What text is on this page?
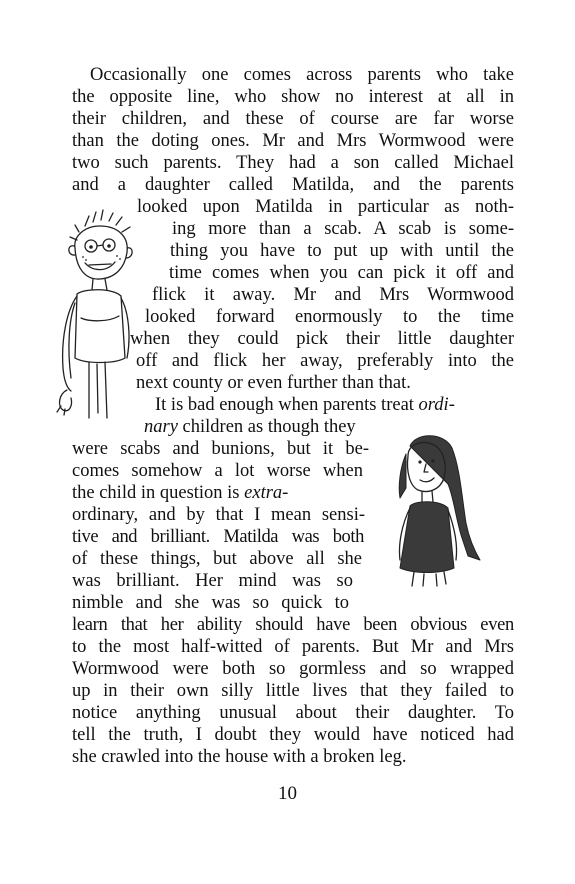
Occasionally one comes across parents who take
the opposite line, who show no interest at all in
their children, and these of course are far worse
than the doting ones. Mr and Mrs Wormwood were
two such parents. They had a son called Michael
and a daughter called Matilda, and the parents
looked upon Matilda in particular as noth-
ing more than a scab. A scab is some-
thing you have to put up with until the
time comes when you can pick it off and
flick it away. Mr and Mrs Wormwood
looked forward enormously to the time
when they could pick their little daughter
off and flick her away, preferably into the
next county or even further than that.
It is bad enough when parents treat ordi-
nary children as though they
were scabs and bunions, but it be-
comes somehow a lot worse when
the child in question is extra-
ordinary, and by that I mean sensi-
tive and brilliant. Matilda was both
of these things, but above all she
was brilliant. Her mind was so
nimble and she was so quick to
learn that her ability should have been obvious even
to the most half-witted of parents. But Mr and Mrs
Wormwood were both so gormless and so wrapped
up in their own silly little lives that they failed to
notice anything unusual about their daughter. To
tell the truth, I doubt they would have noticed had
she crawled into the house with a broken leg.
10
